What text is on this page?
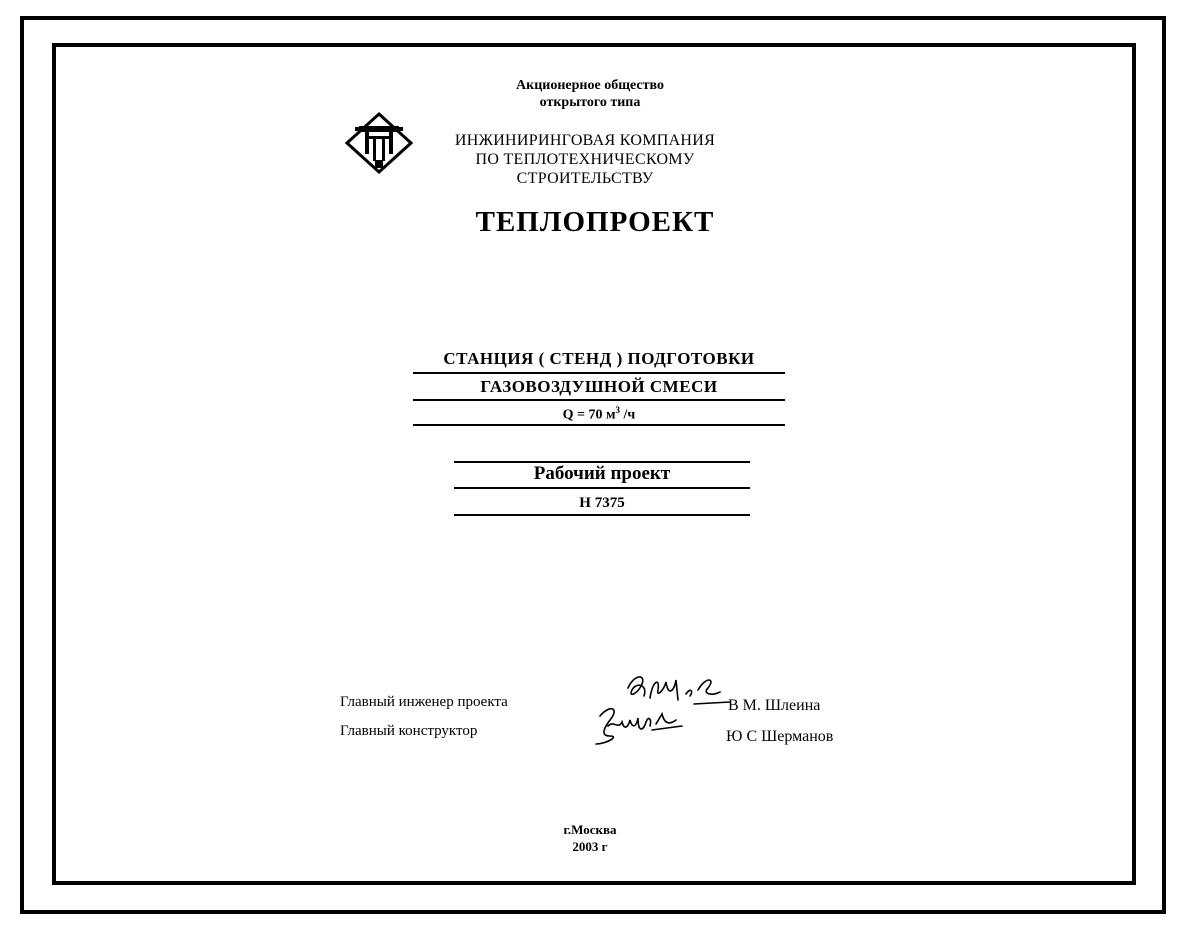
Акционерное общество
открытого типа
ИНЖИНИРИНГОВАЯ КОМПАНИЯ
ПО ТЕПЛОТЕХНИЧЕСКОМУ
СТРОИТЕЛЬСТВУ
ТЕПЛОПРОЕКТ
СТАНЦИЯ ( СТЕНД ) ПОДГОТОВКИ
ГАЗОВОЗДУШНОЙ СМЕСИ
Q = 70 $м^3$ /ч
Рабочий проект
Н 7375
Главный инженер проекта
Главный конструктор
В М. Шлеина
Ю С Шерманов
г.Москва
2003 г
